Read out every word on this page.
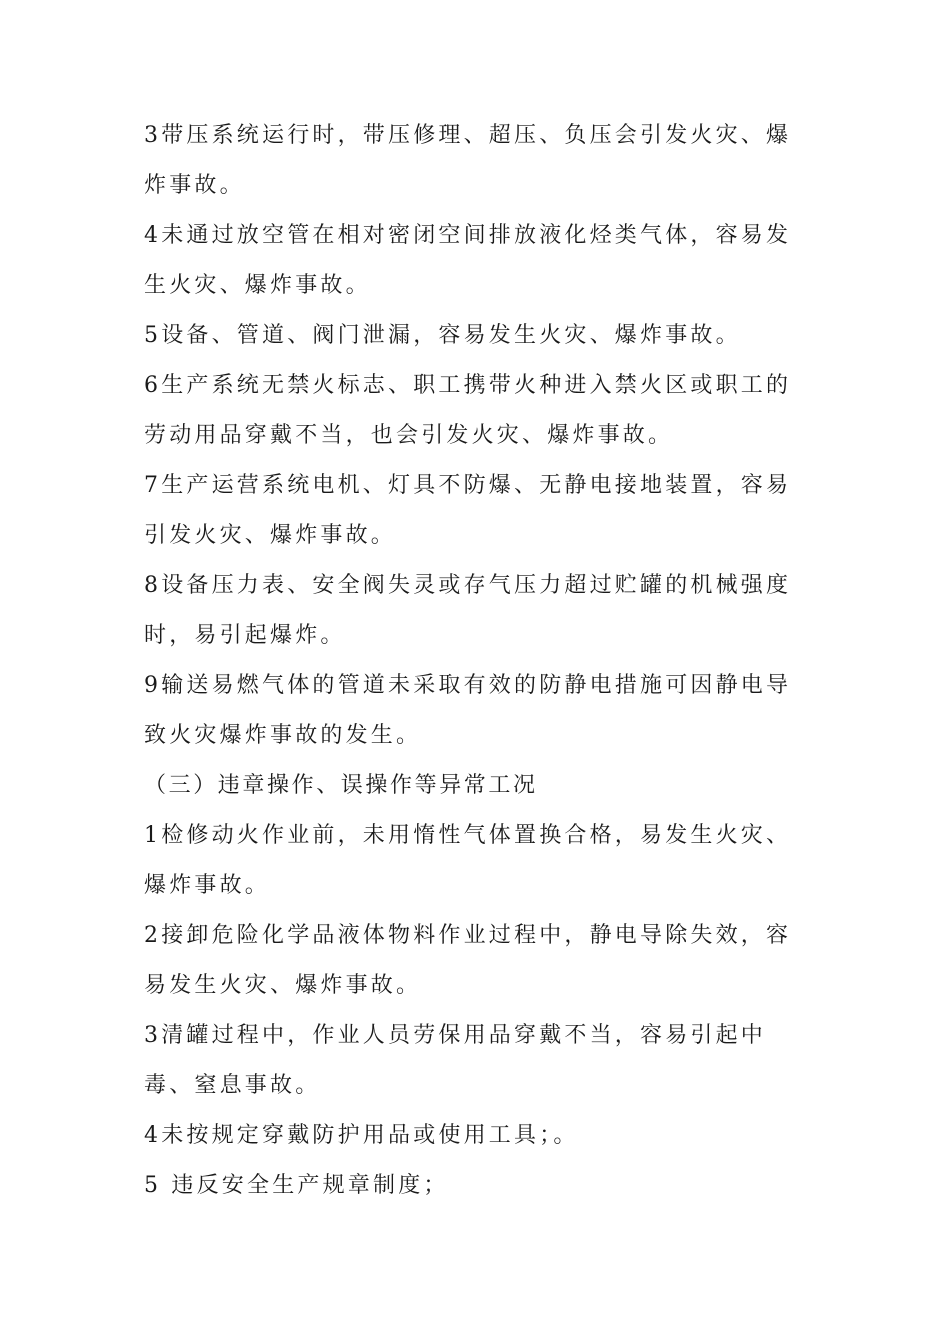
3带压系统运行时，带压修理、超压、负压会引发火灾、爆炸事故。

4未通过放空管在相对密闭空间排放液化烃类气体，容易发生火灾、爆炸事故。

5设备、管道、阀门泄漏，容易发生火灾、爆炸事故。

6生产系统无禁火标志、职工携带火种进入禁火区或职工的劳动用品穿戴不当，也会引发火灾、爆炸事故。

7生产运营系统电机、灯具不防爆、无静电接地装置，容易引发火灾、爆炸事故。

8设备压力表、安全阀失灵或存气压力超过贮罐的机械强度时，易引起爆炸。

9输送易燃气体的管道未采取有效的防静电措施可因静电导致火灾爆炸事故的发生。

（三）违章操作、误操作等异常工况

1检修动火作业前，未用惰性气体置换合格，易发生火灾、爆炸事故。

2接卸危险化学品液体物料作业过程中，静电导除失效，容易发生火灾、爆炸事故。

3清罐过程中，作业人员劳保用品穿戴不当，容易引起中毒、窒息事故。

4未按规定穿戴防护用品或使用工具；。

5 违反安全生产规章制度；
